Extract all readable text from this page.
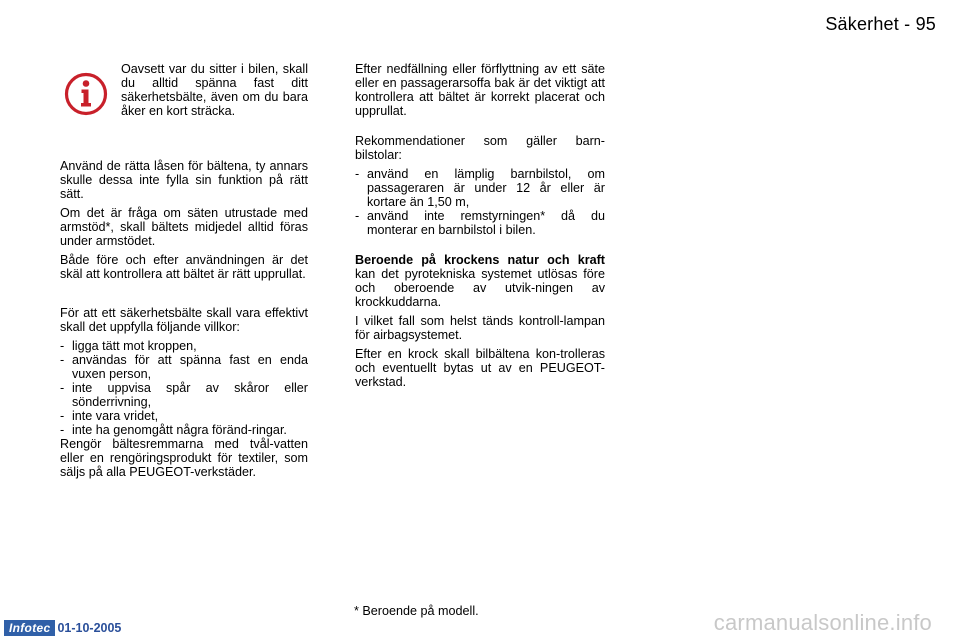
Säkerhet - 95
Oavsett var du sitter i bilen, skall du alltid spänna fast ditt säkerhetsbälte, även om du bara åker en kort sträcka.

Använd de rätta låsen för bältena, ty annars skulle dessa inte fylla sin funktion på rätt sätt.

Om det är fråga om säten utrustade med armstöd*, skall bältets midjedel alltid föras under armstödet.

Både före och efter användningen är det skäl att kontrollera att bältet är rätt upprullat.

För att ett säkerhetsbälte skall vara effektivt skall det uppfylla följande villkor:

- ligga tätt mot kroppen,
- användas för att spänna fast en enda vuxen person,
- inte uppvisa spår av skåror eller sönderrivning,
- inte vara vridet,
- inte ha genomgått några föränd-ringar.

Rengör bältesremmarna med tvål-vatten eller en rengöringsprodukt för textiler, som säljs på alla PEUGEOT-verkstäder.

Efter nedfällning eller förflyttning av ett säte eller en passagerarsoffa bak är det viktigt att kontrollera att bältet är korrekt placerat och upprullat.

Rekommendationer som gäller barn-bilstolar:

- använd en lämplig barnbilstol, om passageraren är under 12 år eller är kortare än 1,50 m,
- använd inte remstyrningen* då du monterar en barnbilstol i bilen.

Beroende på krockens natur och kraft kan det pyrotekniska systemet utlösas före och oberoende av utvik-ningen av krockkuddarna.

I vilket fall som helst tänds kontroll-lampan för airbagsystemet.

Efter en krock skall bilbältena kon-trolleras och eventuellt bytas ut av en PEUGEOT-verkstad.

* Beroende på modell.
Infotec 01-10-2005	carmanualsonline.info
